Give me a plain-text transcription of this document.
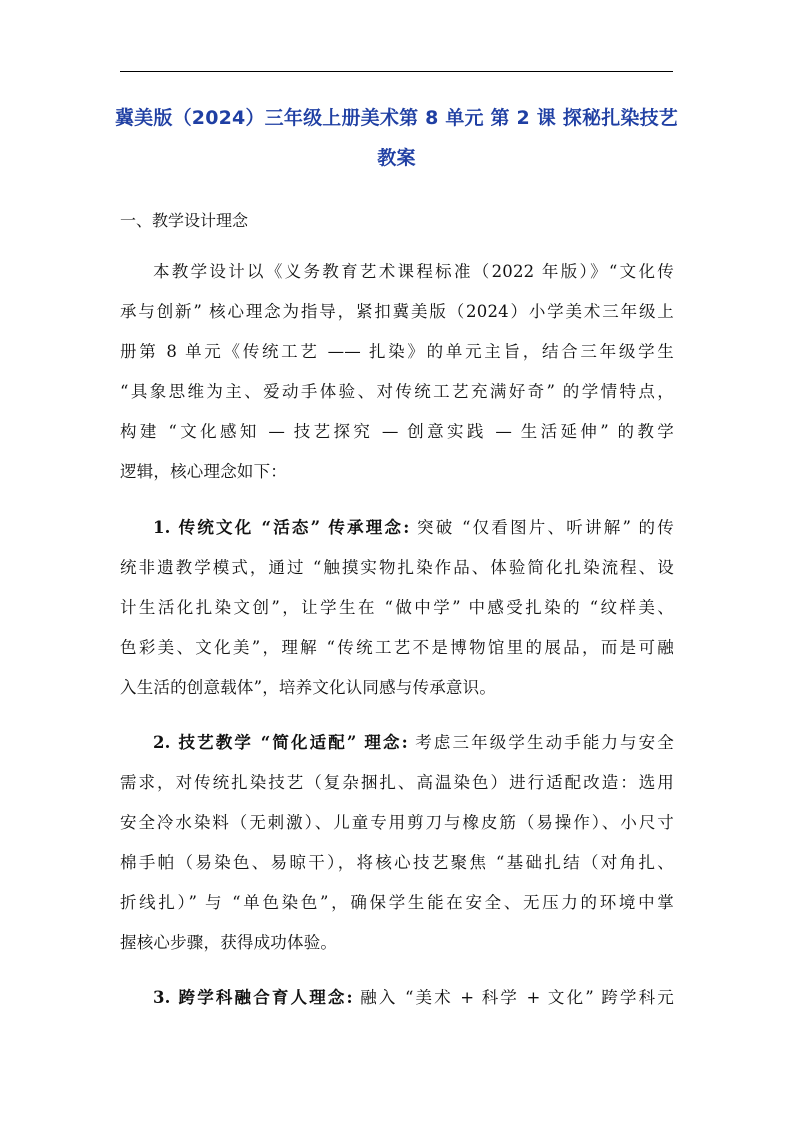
冀美版（2024）三年级上册美术第 8 单元 第 2 课 探秘扎染技艺
教案
一、教学设计理念

本教学设计以《义务教育艺术课程标准（2022 年版）》“文化传
承与创新” 核心理念为指导，紧扣冀美版（2024）小学美术三年级上
册第 8 单元《传统工艺 —— 扎染》的单元主旨，结合三年级学生
“具象思维为主、爱动手体验、对传统工艺充满好奇” 的学情特点，
构建 “文化感知 — 技艺探究 — 创意实践 — 生活延伸” 的教学
逻辑，核心理念如下：

1. 传统文化 “活态” 传承理念: 突破 “仅看图片、听讲解” 的传
统非遗教学模式，通过 “触摸实物扎染作品、体验简化扎染流程、设
计生活化扎染文创”，让学生在 “做中学” 中感受扎染的 “纹样美、
色彩美、文化美”，理解 “传统工艺不是博物馆里的展品，而是可融
入生活的创意载体”，培养文化认同感与传承意识。

2. 技艺教学 “简化适配” 理念: 考虑三年级学生动手能力与安全
需求，对传统扎染技艺（复杂捆扎、高温染色）进行适配改造：选用
安全冷水染料（无刺激）、儿童专用剪刀与橡皮筋（易操作）、小尺寸
棉手帕（易染色、易晾干），将核心技艺聚焦 “基础扎结（对角扎、
折线扎）” 与 “单色染色”，确保学生能在安全、无压力的环境中掌
握核心步骤，获得成功体验。

3. 跨学科融合育人理念: 融入 “美术 + 科学 + 文化” 跨学科元
